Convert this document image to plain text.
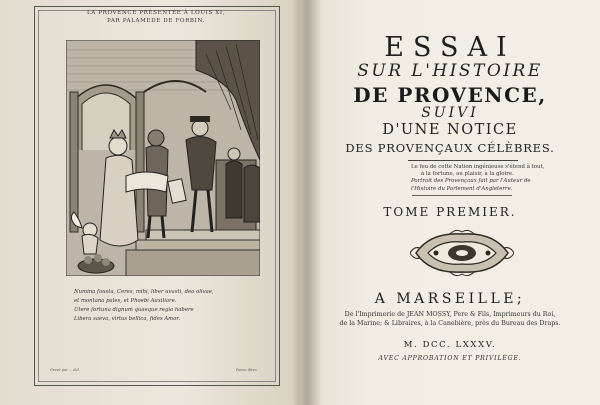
LA PROVENCE PRÉSENTÉE À LOUIS XI,
PAR PALAMEDE DE FORBIN.
Numina fausta, Ceres, mihi, liber uvasti, dea olivae,
et montana pales, et Phoebi Auxiliare.
Utere fortuna dignum quaeque regia habere
Libera saeva, virtus bellica, fides Amor.
Gravé par ... del.	Ponce direx.
ESSAI
SUR L'HISTOIRE
DE PROVENCE,
SUIVI
D'UNE NOTICE
DES PROVENÇAUX CÉLÈBRES.
Le feu de cette Nation ingénieuse s'étend à tout,
à la fortune, au plaisir, à la gloire.
Portrait des Provençaux fait par l'Auteur de
l'Histoire du Parlement d'Angleterre.
TOME PREMIER.
A MARSEILLE;
De l'Imprimerie de JEAN MOSSY, Pere & Fils, Imprimeurs du Roi,
de la Marine; & Libraires, à la Canebière, près du Bureau des Draps.
M. DCC. LXXXV.
AVEC APPROBATION ET PRIVILÈGE.
